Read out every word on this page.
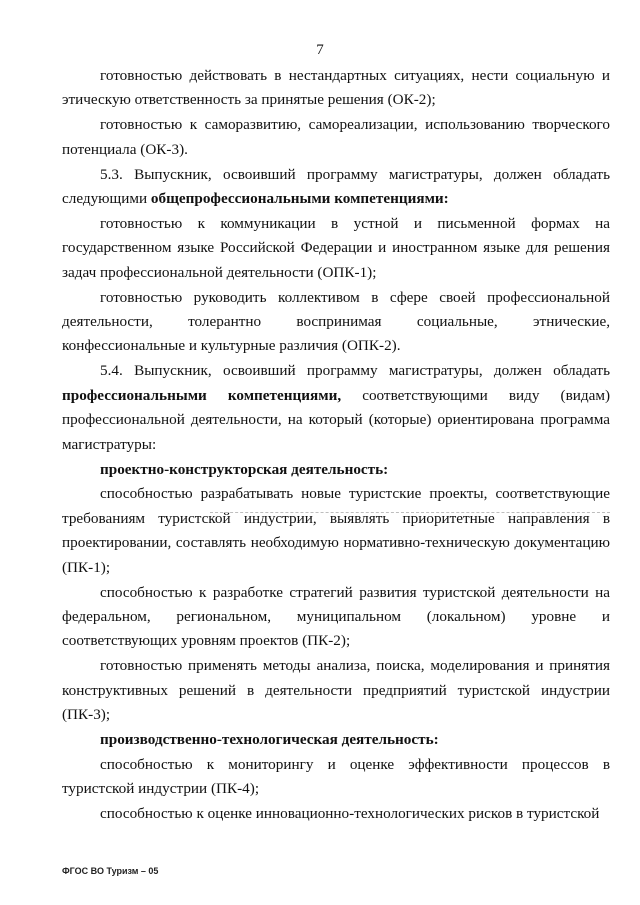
7

готовностью действовать в нестандартных ситуациях, нести социальную и этическую ответственность за принятые решения (ОК-2);

готовностью к саморазвитию, самореализации, использованию творческого потенциала (ОК-3).

5.3. Выпускник, освоивший программу магистратуры, должен обладать следующими общепрофессиональными компетенциями:

готовностью к коммуникации в устной и письменной формах на государственном языке Российской Федерации и иностранном языке для решения задач профессиональной деятельности (ОПК-1);

готовностью руководить коллективом в сфере своей профессиональной деятельности, толерантно воспринимая социальные, этнические, конфессиональные и культурные различия (ОПК-2).

5.4. Выпускник, освоивший программу магистратуры, должен обладать профессиональными компетенциями, соответствующими виду (видам) профессиональной деятельности, на который (которые) ориентирована программа магистратуры:

проектно-конструкторская деятельность:

способностью разрабатывать новые туристские проекты, соответствующие требованиям туристской индустрии, выявлять приоритетные направления в проектировании, составлять необходимую нормативно-техническую документацию (ПК-1);

способностью к разработке стратегий развития туристской деятельности на федеральном, региональном, муниципальном (локальном) уровне и соответствующих уровням проектов (ПК-2);

готовностью применять методы анализа, поиска, моделирования и принятия конструктивных решений в деятельности предприятий туристской индустрии (ПК-3);

производственно-технологическая деятельность:

способностью к мониторингу и оценке эффективности процессов в туристской индустрии (ПК-4);

способностью к оценке инновационно-технологических рисков в туристской

ФГОС ВО Туризм – 05
